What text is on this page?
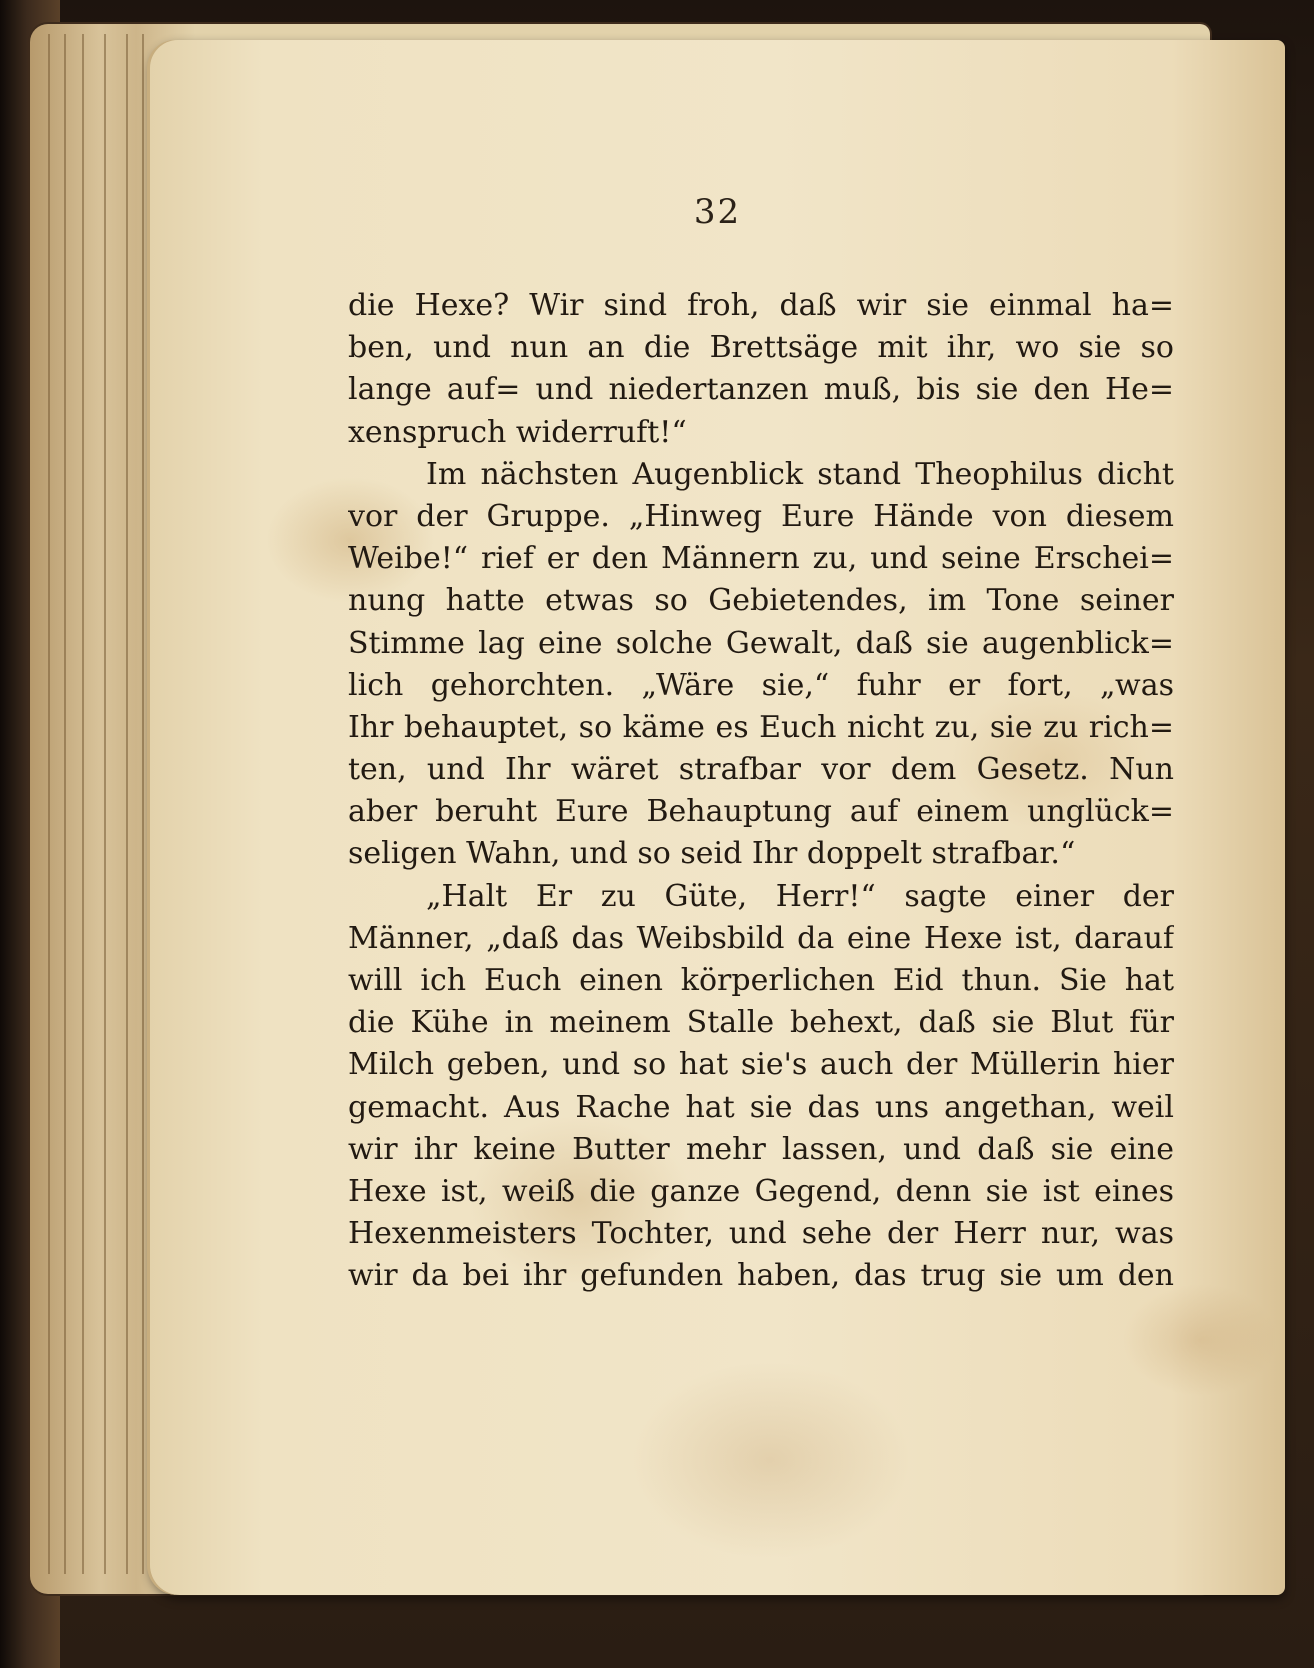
32
die Hexe? Wir sind froh, daß wir sie einmal ha=
ben, und nun an die Brettsäge mit ihr, wo sie so
lange auf= und niedertanzen muß, bis sie den He=
xenspruch widerruft!“
Im nächsten Augenblick stand Theophilus dicht
vor der Gruppe. „Hinweg Eure Hände von diesem
Weibe!“ rief er den Männern zu, und seine Erschei=
nung hatte etwas so Gebietendes, im Tone seiner
Stimme lag eine solche Gewalt, daß sie augenblick=
lich gehorchten. „Wäre sie,“ fuhr er fort, „was
Ihr behauptet, so käme es Euch nicht zu, sie zu rich=
ten, und Ihr wäret strafbar vor dem Gesetz. Nun
aber beruht Eure Behauptung auf einem unglück=
seligen Wahn, und so seid Ihr doppelt strafbar.“
„Halt Er zu Güte, Herr!“ sagte einer der
Männer, „daß das Weibsbild da eine Hexe ist, darauf
will ich Euch einen körperlichen Eid thun. Sie hat
die Kühe in meinem Stalle behext, daß sie Blut für
Milch geben, und so hat sie's auch der Müllerin hier
gemacht. Aus Rache hat sie das uns angethan, weil
wir ihr keine Butter mehr lassen, und daß sie eine
Hexe ist, weiß die ganze Gegend, denn sie ist eines
Hexenmeisters Tochter, und sehe der Herr nur, was
wir da bei ihr gefunden haben, das trug sie um den
